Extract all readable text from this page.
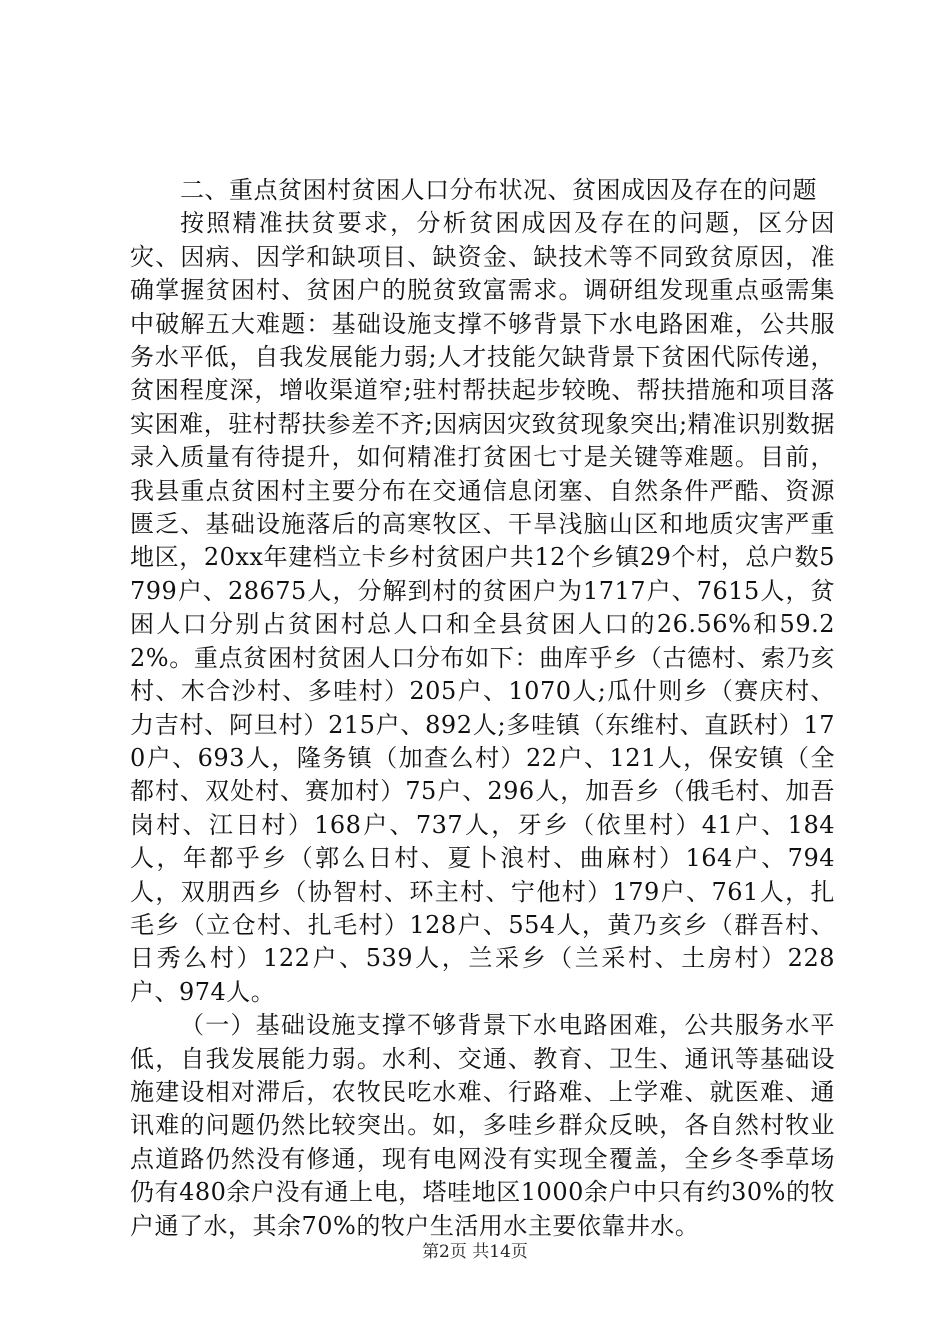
二、重点贫困村贫困人口分布状况、贫困成因及存在的问题

按照精准扶贫要求，分析贫困成因及存在的问题，区分因灾、因病、因学和缺项目、缺资金、缺技术等不同致贫原因，准确掌握贫困村、贫困户的脱贫致富需求。调研组发现重点亟需集中破解五大难题：基础设施支撑不够背景下水电路困难，公共服务水平低，自我发展能力弱;人才技能欠缺背景下贫困代际传递，贫困程度深，增收渠道窄;驻村帮扶起步较晚、帮扶措施和项目落实困难，驻村帮扶参差不齐;因病因灾致贫现象突出;精准识别数据录入质量有待提升，如何精准打贫困七寸是关键等难题。目前，我县重点贫困村主要分布在交通信息闭塞、自然条件严酷、资源匮乏、基础设施落后的高寒牧区、干旱浅脑山区和地质灾害严重地区，20xx年建档立卡乡村贫困户共12个乡镇29个村，总户数5799户、28675人，分解到村的贫困户为1717户、7615人，贫困人口分别占贫困村总人口和全县贫困人口的26.56%和59.22%。重点贫困村贫困人口分布如下：曲库乎乡（古德村、索乃亥村、木合沙村、多哇村）205户、1070人;瓜什则乡（赛庆村、力吉村、阿旦村）215户、892人;多哇镇（东维村、直跃村）170户、693人，隆务镇（加查么村）22户、121人，保安镇（全都村、双处村、赛加村）75户、296人，加吾乡（俄毛村、加吾岗村、江日村）168户、737人，牙乡（依里村）41户、184人，年都乎乡（郭么日村、夏卜浪村、曲麻村）164户、794人，双朋西乡（协智村、环主村、宁他村）179户、761人，扎毛乡（立仓村、扎毛村）128户、554人，黄乃亥乡（群吾村、日秀么村）122户、539人，兰采乡（兰采村、土房村）228户、974人。

（一）基础设施支撑不够背景下水电路困难，公共服务水平低，自我发展能力弱。水利、交通、教育、卫生、通讯等基础设施建设相对滞后，农牧民吃水难、行路难、上学难、就医难、通讯难的问题仍然比较突出。如，多哇乡群众反映，各自然村牧业点道路仍然没有修通，现有电网没有实现全覆盖，全乡冬季草场仍有480余户没有通上电，塔哇地区1000余户中只有约30%的牧户通了水，其余70%的牧户生活用水主要依靠井水。

第2页 共14页
